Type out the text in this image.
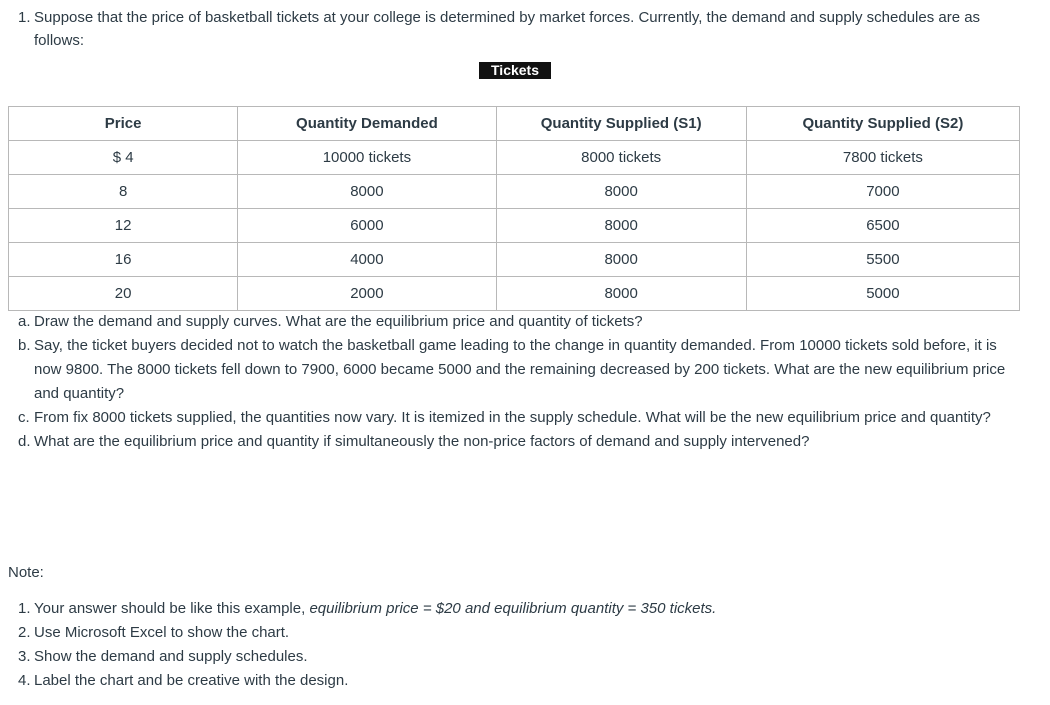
1. Suppose that the price of basketball tickets at your college is determined by market forces. Currently, the demand and supply schedules are as follows:
Tickets
Price	Quantity Demanded	Quantity Supplied (S1)	Quantity Supplied (S2)
$ 4	10000 tickets	8000 tickets	7800 tickets
8	8000	8000	7000
12	6000	8000	6500
16	4000	8000	5500
20	2000	8000	5000
a. Draw the demand and supply curves. What are the equilibrium price and quantity of tickets?
b. Say, the ticket buyers decided not to watch the basketball game leading to the change in quantity demanded. From 10000 tickets sold before, it is now 9800. The 8000 tickets fell down to 7900, 6000 became 5000 and the remaining decreased by 200 tickets. What are the new equilibrium price and quantity?
c. From fix 8000 tickets supplied, the quantities now vary. It is itemized in the supply schedule. What will be the new equilibrium price and quantity?
d. What are the equilibrium price and quantity if simultaneously the non-price factors of demand and supply intervened?
Note:
1. Your answer should be like this example, equilibrium price = $20 and equilibrium quantity = 350 tickets.
2. Use Microsoft Excel to show the chart.
3. Show the demand and supply schedules.
4. Label the chart and be creative with the design.
